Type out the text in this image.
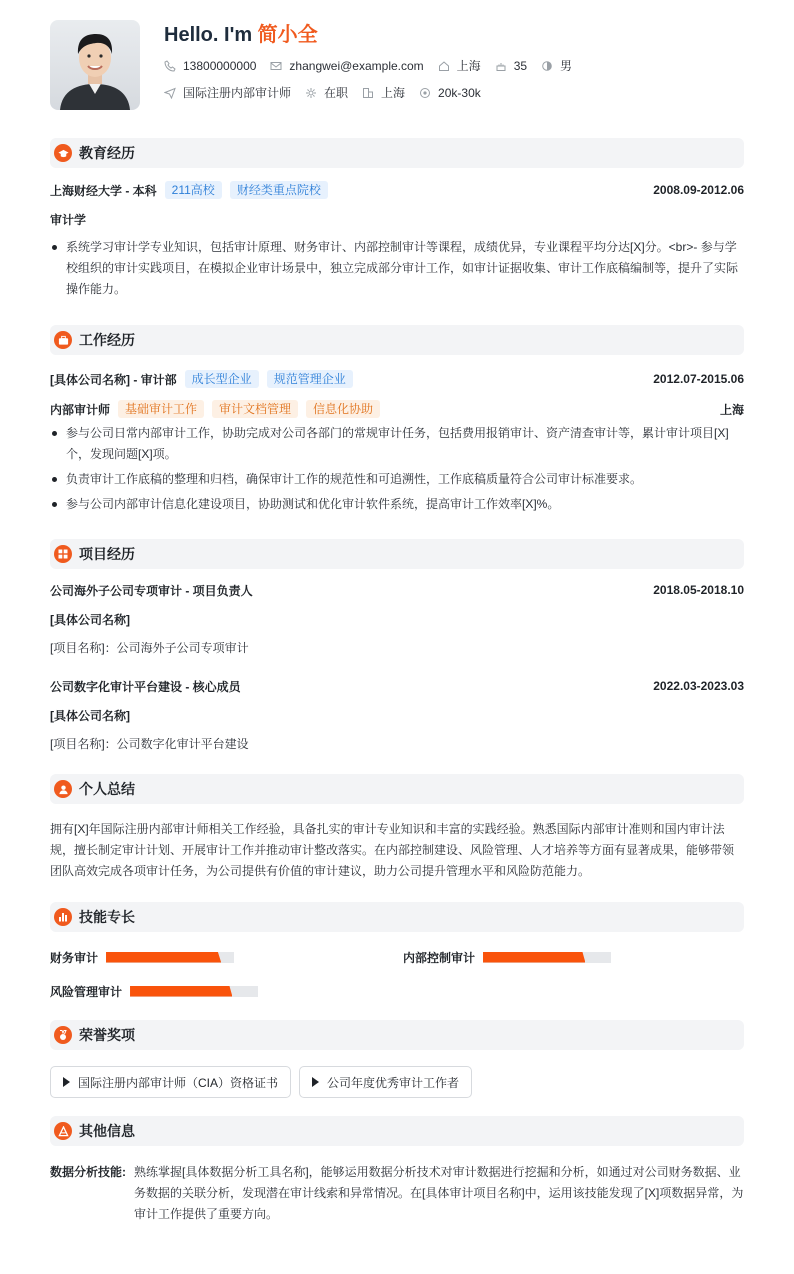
Hello. I'm 简小全
13800000000	zhangwei@example.com	上海	35	男
国际注册内部审计师	在职	上海	20k-30k
教育经历
上海财经大学 - 本科	211高校	财经类重点院校	2008.09-2012.06
审计学
系统学习审计学专业知识，包括审计原理、财务审计、内部控制审计等课程，成绩优异，专业课程平均分达[X]分。<br>- 参与学校组织的审计实践项目，在模拟企业审计场景中，独立完成部分审计工作，如审计证据收集、审计工作底稿编制等，提升了实际操作能力。
工作经历
[具体公司名称] - 审计部	成长型企业	规范管理企业	2012.07-2015.06
内部审计师	基础审计工作	审计文档管理	信息化协助	上海
参与公司日常内部审计工作，协助完成对公司各部门的常规审计任务，包括费用报销审计、资产清查审计等，累计审计项目[X]个，发现问题[X]项。
负责审计工作底稿的整理和归档，确保审计工作的规范性和可追溯性，工作底稿质量符合公司审计标准要求。
参与公司内部审计信息化建设项目，协助测试和优化审计软件系统，提高审计工作效率[X]%。
项目经历
公司海外子公司专项审计 - 项目负责人	2018.05-2018.10
[具体公司名称]
[项目名称]：公司海外子公司专项审计
公司数字化审计平台建设 - 核心成员	2022.03-2023.03
[具体公司名称]
[项目名称]：公司数字化审计平台建设
个人总结
拥有[X]年国际注册内部审计师相关工作经验，具备扎实的审计专业知识和丰富的实践经验。熟悉国际内部审计准则和国内审计法规，擅长制定审计计划、开展审计工作并推动审计整改落实。在内部控制建设、风险管理、人才培养等方面有显著成果，能够带领团队高效完成各项审计任务，为公司提供有价值的审计建议，助力公司提升管理水平和风险防范能力。
技能专长
财务审计	内部控制审计
风险管理审计
荣誉奖项
国际注册内部审计师（CIA）资格证书	公司年度优秀审计工作者
其他信息
数据分析技能: 熟练掌握[具体数据分析工具名称]，能够运用数据分析技术对审计数据进行挖掘和分析，如通过对公司财务数据、业务数据的关联分析，发现潜在审计线索和异常情况。在[具体审计项目名称]中，运用该技能发现了[X]项数据异常，为审计工作提供了重要方向。
